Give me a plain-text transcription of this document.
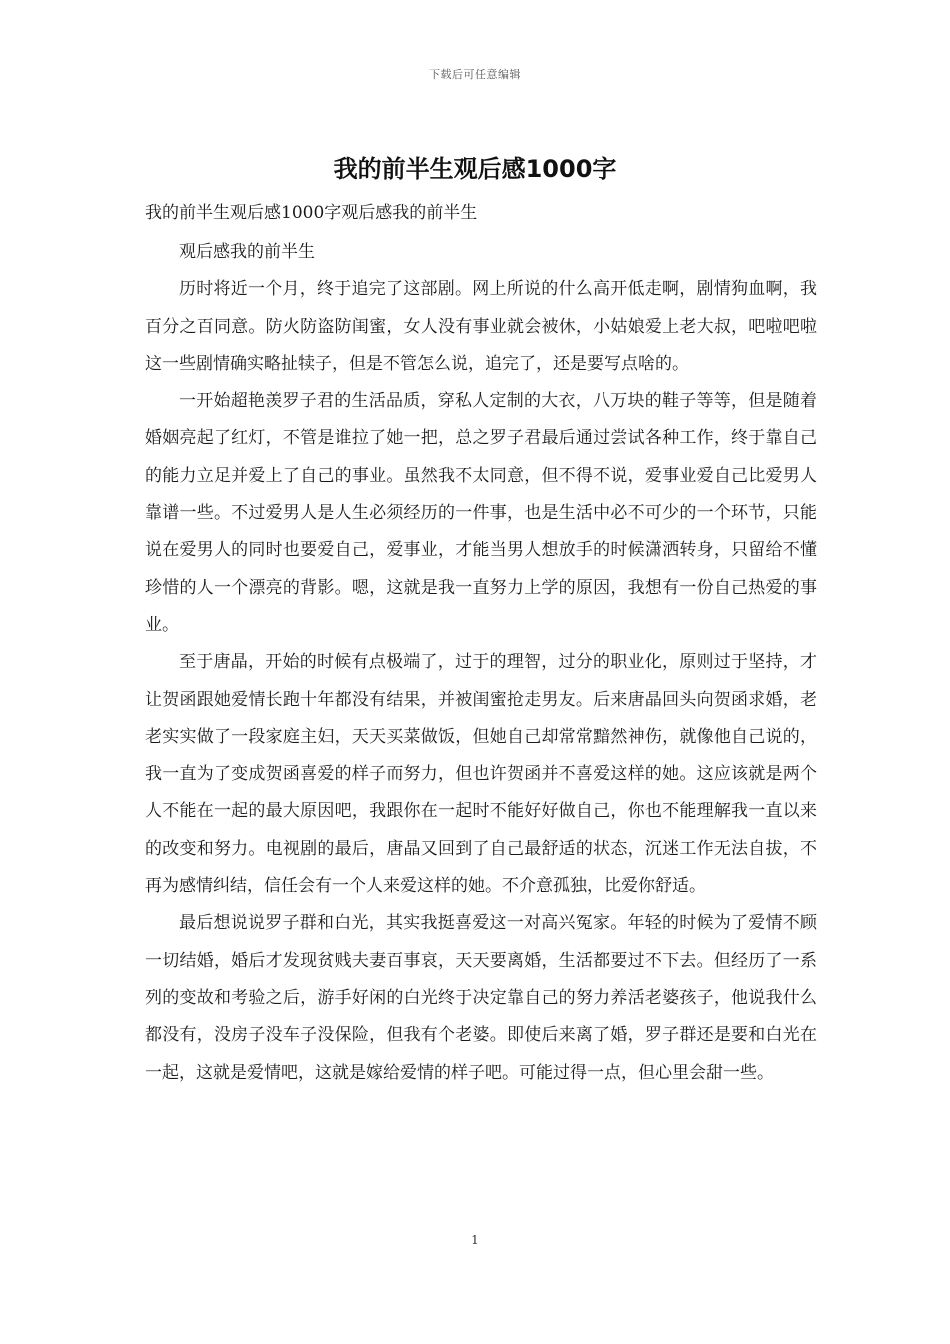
下载后可任意编辑
我的前半生观后感1000字

我的前半生观后感1000字观后感我的前半生

观后感我的前半生

历时将近一个月，终于追完了这部剧。网上所说的什么高开低走啊，剧情狗血啊，我百分之百同意。防火防盗防闺蜜，女人没有事业就会被休，小姑娘爱上老大叔，吧啦吧啦这一些剧情确实略扯犊子，但是不管怎么说，追完了，还是要写点啥的。

一开始超艳羡罗子君的生活品质，穿私人定制的大衣，八万块的鞋子等等，但是随着婚姻亮起了红灯，不管是谁拉了她一把，总之罗子君最后通过尝试各种工作，终于靠自己的能力立足并爱上了自己的事业。虽然我不太同意，但不得不说，爱事业爱自己比爱男人靠谱一些。不过爱男人是人生必须经历的一件事，也是生活中必不可少的一个环节，只能说在爱男人的同时也要爱自己，爱事业，才能当男人想放手的时候潇洒转身，只留给不懂珍惜的人一个漂亮的背影。嗯，这就是我一直努力上学的原因，我想有一份自己热爱的事业。

至于唐晶，开始的时候有点极端了，过于的理智，过分的职业化，原则过于坚持，才让贺函跟她爱情长跑十年都没有结果，并被闺蜜抢走男友。后来唐晶回头向贺函求婚，老老实实做了一段家庭主妇，天天买菜做饭，但她自己却常常黯然神伤，就像他自己说的，我一直为了变成贺函喜爱的样子而努力，但也许贺函并不喜爱这样的她。这应该就是两个人不能在一起的最大原因吧，我跟你在一起时不能好好做自己，你也不能理解我一直以来的改变和努力。电视剧的最后，唐晶又回到了自己最舒适的状态，沉迷工作无法自拔，不再为感情纠结，信任会有一个人来爱这样的她。不介意孤独，比爱你舒适。

最后想说说罗子群和白光，其实我挺喜爱这一对高兴冤家。年轻的时候为了爱情不顾一切结婚，婚后才发现贫贱夫妻百事哀，天天要离婚，生活都要过不下去。但经历了一系列的变故和考验之后，游手好闲的白光终于决定靠自己的努力养活老婆孩子，他说我什么都没有，没房子没车子没保险，但我有个老婆。即使后来离了婚，罗子群还是要和白光在一起，这就是爱情吧，这就是嫁给爱情的样子吧。可能过得一点，但心里会甜一些。

1
